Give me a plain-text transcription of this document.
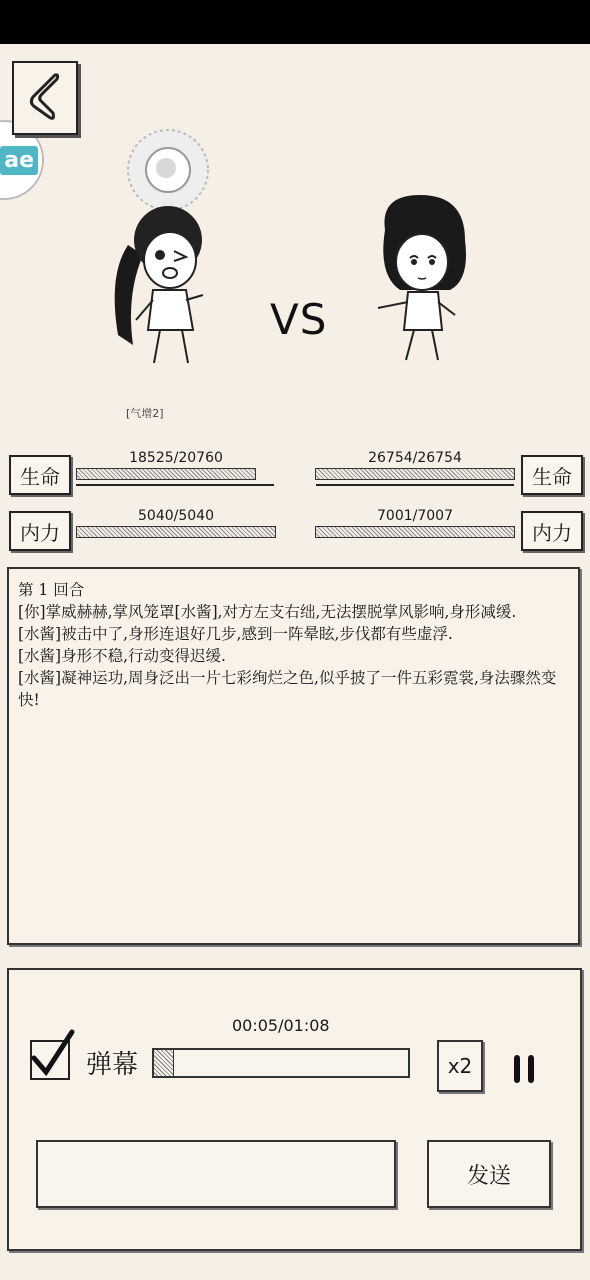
ae
VS
[气增2]
生命
18525/20760
生命
26754/26754
内力
5040/5040
内力
7001/7007

第 1 回合

[你]掌威赫赫,掌风笼罩[水酱],对方左支右绌,无法摆脱掌风影响,身形减缓.

[水酱]被击中了,身形连退好几步,感到一阵晕眩,步伐都有些虚浮.

[水酱]身形不稳,行动变得迟缓.

[水酱]凝神运功,周身泛出一片七彩绚烂之色,似乎披了一件五彩霓裳,身法骤然变快!

00:05/01:08
弹幕	x2
发送
